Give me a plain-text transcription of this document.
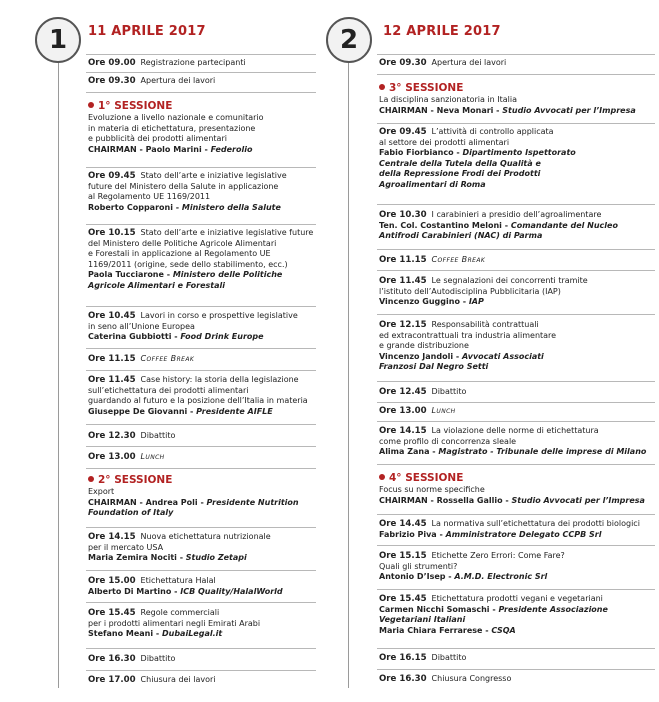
1	11 APRILE 2017
Ore 09.00 Registrazione partecipanti
Ore 09.30 Apertura dei lavori
1° SESSIONE
Evoluzione a livello nazionale e comunitario
in materia di etichettatura, presentazione
e pubblicità dei prodotti alimentari
CHAIRMAN - Paolo Marini - Federolio
Ore 09.45 Stato dell’arte e iniziative legislative
future del Ministero della Salute in applicazione
al Regolamento UE 1169/2011
Roberto Copparoni - Ministero della Salute
Ore 10.15 Stato dell’arte e iniziative legislative future
del Ministero delle Politiche Agricole Alimentari
e Forestali in applicazione al Regolamento UE
1169/2011 (origine, sede dello stabilimento, ecc.)
Paola Tucciarone - Ministero delle Politiche
Agricole Alimentari e Forestali
Ore 10.45 Lavori in corso e prospettive legislative
in seno all’Unione Europea
Caterina Gubbiotti - Food Drink Europe
Ore 11.15 Coffee Break
Ore 11.45 Case history: la storia della legislazione
sull’etichettatura dei prodotti alimentari
guardando al futuro e la posizione dell’Italia in materia
Giuseppe De Giovanni - Presidente AIFLE
Ore 12.30 Dibattito
Ore 13.00 Lunch
2° SESSIONE
Export
CHAIRMAN - Andrea Poli - Presidente Nutrition
Foundation of Italy
Ore 14.15 Nuova etichettatura nutrizionale
per il mercato USA
Maria Zemira Nociti - Studio Zetapi
Ore 15.00 Etichettatura Halal
Alberto Di Martino - ICB Quality/HalalWorld
Ore 15.45 Regole commerciali
per i prodotti alimentari negli Emirati Arabi
Stefano Meani - DubaiLegal.it
Ore 16.30 Dibattito
Ore 17.00 Chiusura dei lavori
2	12 APRILE 2017
Ore 09.30 Apertura dei lavori
3° SESSIONE
La disciplina sanzionatoria in Italia
CHAIRMAN - Neva Monari - Studio Avvocati per l’Impresa
Ore 09.45 L’attività di controllo applicata
al settore dei prodotti alimentari
Fabio Fiorbianco - Dipartimento Ispettorato
Centrale della Tutela della Qualità e
della Repressione Frodi dei Prodotti
Agroalimentari di Roma
Ore 10.30 I carabinieri a presidio dell’agroalimentare
Ten. Col. Costantino Meloni - Comandante del Nucleo
Antifrodi Carabinieri (NAC) di Parma
Ore 11.15 Coffee Break
Ore 11.45 Le segnalazioni dei concorrenti tramite
l’istituto dell’Autodisciplina Pubblicitaria (IAP)
Vincenzo Guggino - IAP
Ore 12.15 Responsabilità contrattuali
ed extracontrattuali tra industria alimentare
e grande distribuzione
Vincenzo Jandoli - Avvocati Associati
Franzosi Dal Negro Setti
Ore 12.45 Dibattito
Ore 13.00 Lunch
Ore 14.15 La violazione delle norme di etichettatura
come profilo di concorrenza sleale
Alima Zana - Magistrato - Tribunale delle imprese di Milano
4° SESSIONE
Focus su norme specifiche
CHAIRMAN - Rossella Gallio - Studio Avvocati per l’Impresa
Ore 14.45 La normativa sull’etichettatura dei prodotti biologici
Fabrizio Piva - Amministratore Delegato CCPB Srl
Ore 15.15 Etichette Zero Errori: Come Fare?
Quali gli strumenti?
Antonio D’Isep - A.M.D. Electronic Srl
Ore 15.45 Etichettatura prodotti vegani e vegetariani
Carmen Nicchi Somaschi - Presidente Associazione
Vegetariani Italiani
Maria Chiara Ferrarese - CSQA
Ore 16.15 Dibattito
Ore 16.30 Chiusura Congresso
